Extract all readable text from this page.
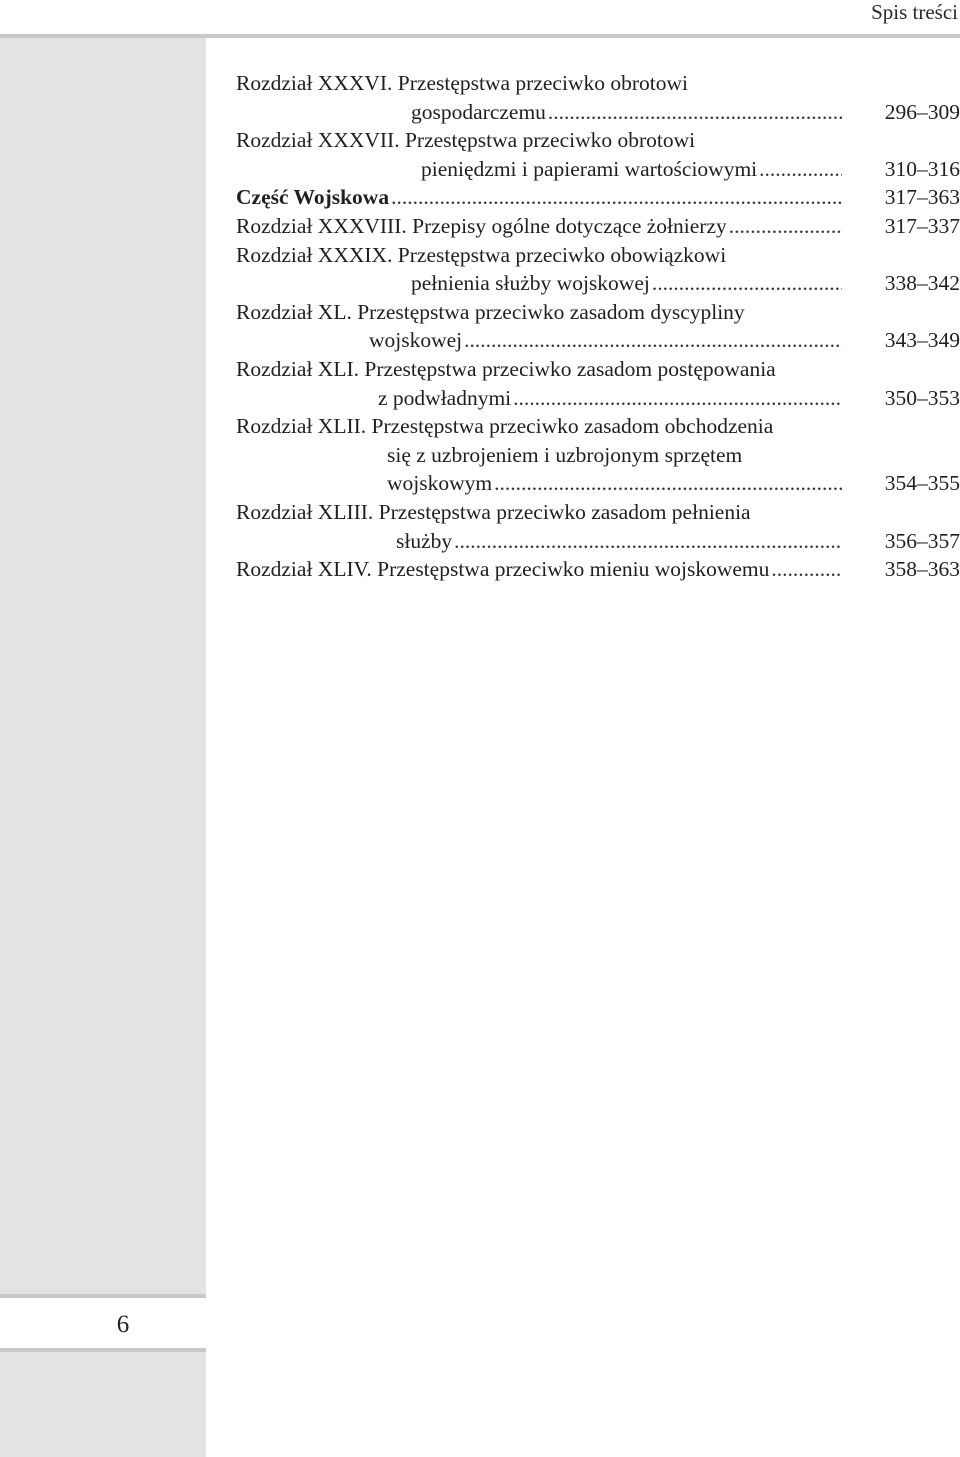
Spis treści
6
Rozdział XXXVI. Przestępstwa przeciwko obrotowi
gospodarczemu .....	296–309
Rozdział XXXVII. Przestępstwa przeciwko obrotowi
pieniędzmi i papierami wartościowymi .....	310–316
Część Wojskowa .....	317–363
Rozdział XXXVIII. Przepisy ogólne dotyczące żołnierzy .....	317–337
Rozdział XXXIX. Przestępstwa przeciwko obowiązkowi
pełnienia służby wojskowej .....	338–342
Rozdział XL. Przestępstwa przeciwko zasadom dyscypliny
wojskowej .....	343–349
Rozdział XLI. Przestępstwa przeciwko zasadom postępowania
z podwładnymi .....	350–353
Rozdział XLII. Przestępstwa przeciwko zasadom obchodzenia
się z uzbrojeniem i uzbrojonym sprzętem
wojskowym .....	354–355
Rozdział XLIII. Przestępstwa przeciwko zasadom pełnienia
służby .....	356–357
Rozdział XLIV. Przestępstwa przeciwko mieniu wojskowemu .....	358–363
